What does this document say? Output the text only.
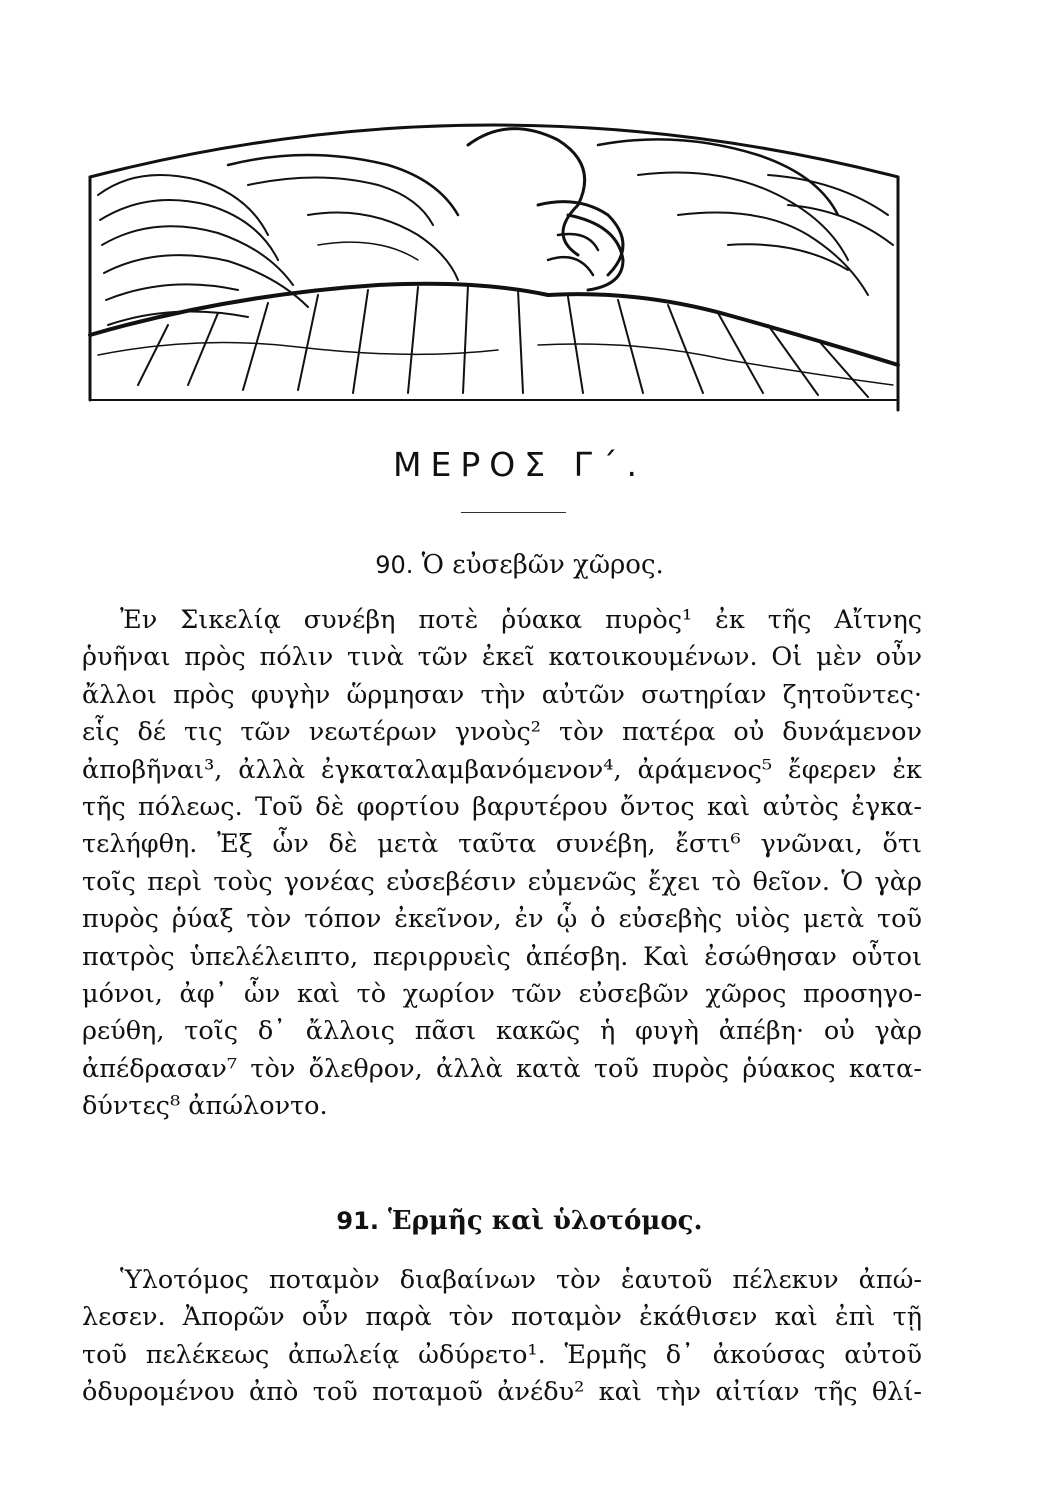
ΜΕΡΟΣ Γ΄.
90. Ὁ εὐσεβῶν χῶρος.
Ἐν Σικελίᾳ συνέβη ποτὲ ῥύακα πυρὸς¹ ἐκ τῆς Αἴτνης
ῥυῆναι πρὸς πόλιν τινὰ τῶν ἐκεῖ κατοικουμένων. Οἱ μὲν οὖν
ἄλλοι πρὸς φυγὴν ὥρμησαν τὴν αὐτῶν σωτηρίαν ζητοῦντες·
εἷς δέ τις τῶν νεωτέρων γνοὺς² τὸν πατέρα οὐ δυνάμενον
ἀποβῆναι³, ἀλλὰ ἐγκαταλαμβανόμενον⁴, ἀράμενος⁵ ἔφερεν ἐκ
τῆς πόλεως. Τοῦ δὲ φορτίου βαρυτέρου ὄντος καὶ αὐτὸς ἐγκα-
τελήφθη. Ἐξ ὧν δὲ μετὰ ταῦτα συνέβη, ἔστι⁶ γνῶναι, ὅτι
τοῖς περὶ τοὺς γονέας εὐσεβέσιν εὐμενῶς ἔχει τὸ θεῖον. Ὁ γὰρ
πυρὸς ῥύαξ τὸν τόπον ἐκεῖνον, ἐν ᾧ ὁ εὐσεβὴς υἱὸς μετὰ τοῦ
πατρὸς ὑπελέλειπτο, περιρρυεὶς ἀπέσβη. Καὶ ἐσώθησαν οὗτοι
μόνοι, ἀφ᾽ ὧν καὶ τὸ χωρίον τῶν εὐσεβῶν χῶρος προσηγο-
ρεύθη, τοῖς δ᾽ ἄλλοις πᾶσι κακῶς ἡ φυγὴ ἀπέβη· οὐ γὰρ
ἀπέδρασαν⁷ τὸν ὄλεθρον, ἀλλὰ κατὰ τοῦ πυρὸς ῥύακος κατα-
δύντες⁸ ἀπώλοντο.
91. Ἑρμῆς καὶ ὑλοτόμος.
Ὑλοτόμος ποταμὸν διαβαίνων τὸν ἑαυτοῦ πέλεκυν ἀπώ-
λεσεν. Ἀπορῶν οὖν παρὰ τὸν ποταμὸν ἐκάθισεν καὶ ἐπὶ τῇ
τοῦ πελέκεως ἀπωλείᾳ ὠδύρετο¹. Ἑρμῆς δ᾽ ἀκούσας αὐτοῦ
ὀδυρομένου ἀπὸ τοῦ ποταμοῦ ἀνέδυ² καὶ τὴν αἰτίαν τῆς θλί-
